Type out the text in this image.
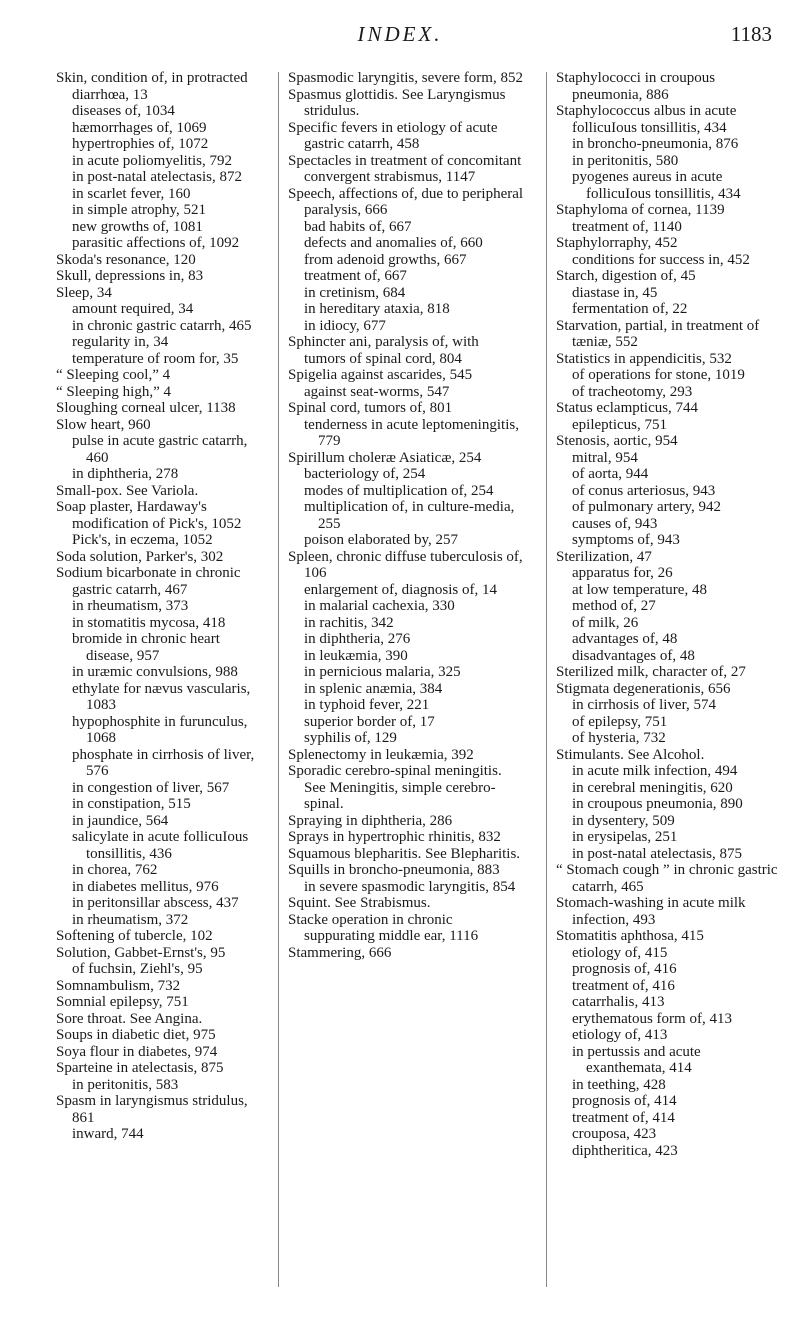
INDEX.	1183
Skin, condition of, in protracted diarrhœa, 13
diseases of, 1034
hæmorrhages of, 1069
hypertrophies of, 1072
in acute poliomyelitis, 792
in post-natal atelectasis, 872
in scarlet fever, 160
in simple atrophy, 521
new growths of, 1081
parasitic affections of, 1092
Skoda's resonance, 120
Skull, depressions in, 83
Sleep, 34
amount required, 34
in chronic gastric catarrh, 465
regularity in, 34
temperature of room for, 35
“ Sleeping cool,” 4
“ Sleeping high,” 4
Sloughing corneal ulcer, 1138
Slow heart, 960
pulse in acute gastric catarrh, 460
in diphtheria, 278
Small-pox. See Variola.
Soap plaster, Hardaway's modification of Pick's, 1052
Pick's, in eczema, 1052
Soda solution, Parker's, 302
Sodium bicarbonate in chronic gastric catarrh, 467
in rheumatism, 373
in stomatitis mycosa, 418
bromide in chronic heart disease, 957
in uræmic convulsions, 988
ethylate for nævus vascularis, 1083
hypophosphite in furunculus, 1068
phosphate in cirrhosis of liver, 576
in congestion of liver, 567
in constipation, 515
in jaundice, 564
salicylate in acute follicuIous tonsillitis, 436
in chorea, 762
in diabetes mellitus, 976
in peritonsillar abscess, 437
in rheumatism, 372
Softening of tubercle, 102
Solution, Gabbet-Ernst's, 95
of fuchsin, Ziehl's, 95
Somnambulism, 732
Somnial epilepsy, 751
Sore throat. See Angina.
Soups in diabetic diet, 975
Soya flour in diabetes, 974
Sparteine in atelectasis, 875
in peritonitis, 583
Spasm in laryngismus stridulus, 861
inward, 744
Spasmodic laryngitis, severe form, 852
Spasmus glottidis. See Laryngismus stridulus.
Specific fevers in etiology of acute gastric catarrh, 458
Spectacles in treatment of concomitant convergent strabismus, 1147
Speech, affections of, due to peripheral paralysis, 666
bad habits of, 667
defects and anomalies of, 660
from adenoid growths, 667
treatment of, 667
in cretinism, 684
in hereditary ataxia, 818
in idiocy, 677
Sphincter ani, paralysis of, with tumors of spinal cord, 804
Spigelia against ascarides, 545
against seat-worms, 547
Spinal cord, tumors of, 801
tenderness in acute leptomeningitis, 779
Spirillum choleræ Asiaticæ, 254
bacteriology of, 254
modes of multiplication of, 254
multiplication of, in culture-media, 255
poison elaborated by, 257
Spleen, chronic diffuse tuberculosis of, 106
enlargement of, diagnosis of, 14
in malarial cachexia, 330
in rachitis, 342
in diphtheria, 276
in leukæmia, 390
in pernicious malaria, 325
in splenic anæmia, 384
in typhoid fever, 221
superior border of, 17
syphilis of, 129
Splenectomy in leukæmia, 392
Sporadic cerebro-spinal meningitis. See Meningitis, simple cerebro-spinal.
Spraying in diphtheria, 286
Sprays in hypertrophic rhinitis, 832
Squamous blepharitis. See Blepharitis.
Squills in broncho-pneumonia, 883
in severe spasmodic laryngitis, 854
Squint. See Strabismus.
Stacke operation in chronic suppurating middle ear, 1116
Stammering, 666
Staphylococci in croupous pneumonia, 886
Staphylococcus albus in acute follicuIous tonsillitis, 434
in broncho-pneumonia, 876
in peritonitis, 580
pyogenes aureus in acute follicuIous tonsillitis, 434
Staphyloma of cornea, 1139
treatment of, 1140
Staphylorraphy, 452
conditions for success in, 452
Starch, digestion of, 45
diastase in, 45
fermentation of, 22
Starvation, partial, in treatment of tæniæ, 552
Statistics in appendicitis, 532
of operations for stone, 1019
of tracheotomy, 293
Status eclampticus, 744
epilepticus, 751
Stenosis, aortic, 954
mitral, 954
of aorta, 944
of conus arteriosus, 943
of pulmonary artery, 942
causes of, 943
symptoms of, 943
Sterilization, 47
apparatus for, 26
at low temperature, 48
method of, 27
of milk, 26
advantages of, 48
disadvantages of, 48
Sterilized milk, character of, 27
Stigmata degenerationis, 656
in cirrhosis of liver, 574
of epilepsy, 751
of hysteria, 732
Stimulants. See Alcohol.
in acute milk infection, 494
in cerebral meningitis, 620
in croupous pneumonia, 890
in dysentery, 509
in erysipelas, 251
in post-natal atelectasis, 875
“ Stomach cough ” in chronic gastric catarrh, 465
Stomach-washing in acute milk infection, 493
Stomatitis aphthosa, 415
etiology of, 415
prognosis of, 416
treatment of, 416
catarrhalis, 413
erythematous form of, 413
etiology of, 413
in pertussis and acute exanthemata, 414
in teething, 428
prognosis of, 414
treatment of, 414
crouposa, 423
diphtheritica, 423
